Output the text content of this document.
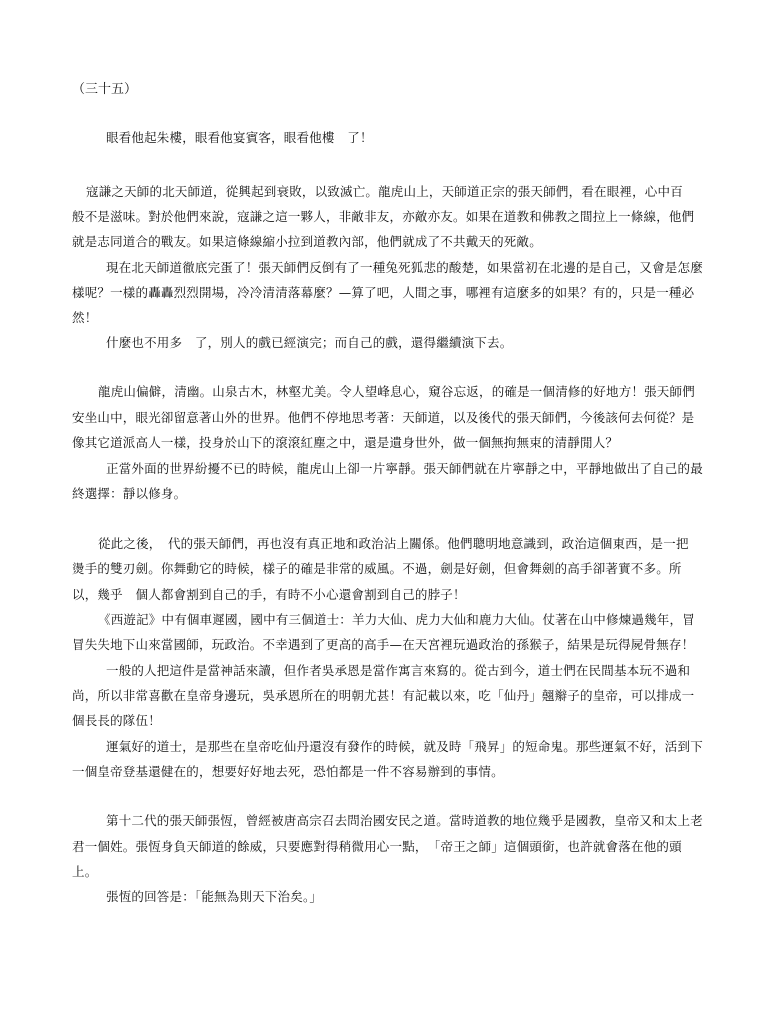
（三十五）
眼看他起朱樓，眼看他宴賓客，眼看他樓　了！
寇謙之天師的北天師道，從興起到衰敗，以致滅亡。龍虎山上，天師道正宗的張天師們，看在眼裡，心中百
般不是滋味。對於他們來說，寇謙之這一夥人，非敵非友，亦敵亦友。如果在道教和佛教之間拉上一條線，他們
就是志同道合的戰友。如果這條線縮小拉到道教內部，他們就成了不共戴天的死敵。
現在北天師道徹底完蛋了！張天師們反倒有了一種兔死狐悲的酸楚，如果當初在北邊的是自己，又會是怎麼
樣呢？一樣的轟轟烈烈開場，冷冷清清落幕麼？—算了吧，人間之事，哪裡有這麼多的如果？有的，只是一種必
然！
什麼也不用多　了，別人的戲已經演完；而自己的戲，還得繼續演下去。
龍虎山偏僻，清幽。山泉古木，林壑尤美。令人望峰息心，窺谷忘返，的確是一個清修的好地方！張天師們
安坐山中，眼光卻留意著山外的世界。他們不停地思考著：天師道，以及後代的張天師們，今後該何去何從？是
像其它道派高人一樣，投身於山下的滾滾紅塵之中，還是遺身世外，做一個無拘無束的清靜閒人？
正當外面的世界紛擾不已的時候，龍虎山上卻一片寧靜。張天師們就在片寧靜之中，平靜地做出了自己的最
終選擇：靜以修身。
從此之後，　代的張天師們，再也沒有真正地和政治沾上關係。他們聰明地意識到，政治這個東西，是一把
燙手的雙刃劍。你舞動它的時候，樣子的確是非常的威風。不過，劍是好劍，但會舞劍的高手卻著實不多。所
以，幾乎　個人都會割到自己的手，有時不小心還會割到自己的脖子！
《西遊記》中有個車遲國，國中有三個道士：羊力大仙、虎力大仙和鹿力大仙。仗著在山中修煉過幾年，冒
冒失失地下山來當國師，玩政治。不幸遇到了更高的高手—在天宮裡玩過政治的孫猴子，結果是玩得屍骨無存！
一般的人把這件是當神話來讀，但作者吳承恩是當作寓言來寫的。從古到今，道士們在民間基本玩不過和
尚，所以非常喜歡在皇帝身邊玩，吳承恩所在的明朝尤甚！有記載以來，吃「仙丹」翹辮子的皇帝，可以排成一
個長長的隊伍！
運氣好的道士，是那些在皇帝吃仙丹還沒有發作的時候，就及時「飛昇」的短命鬼。那些運氣不好，活到下
一個皇帝登基還健在的，想要好好地去死，恐怕都是一件不容易辦到的事情。
第十二代的張天師張恆，曾經被唐高宗召去問治國安民之道。當時道教的地位幾乎是國教，皇帝又和太上老
君一個姓。張恆身負天師道的餘威，只要應對得稍微用心一點，　「帝王之師」這個頭銜，也許就會落在他的頭
上。
張恆的回答是：「能無為則天下治矣。」
